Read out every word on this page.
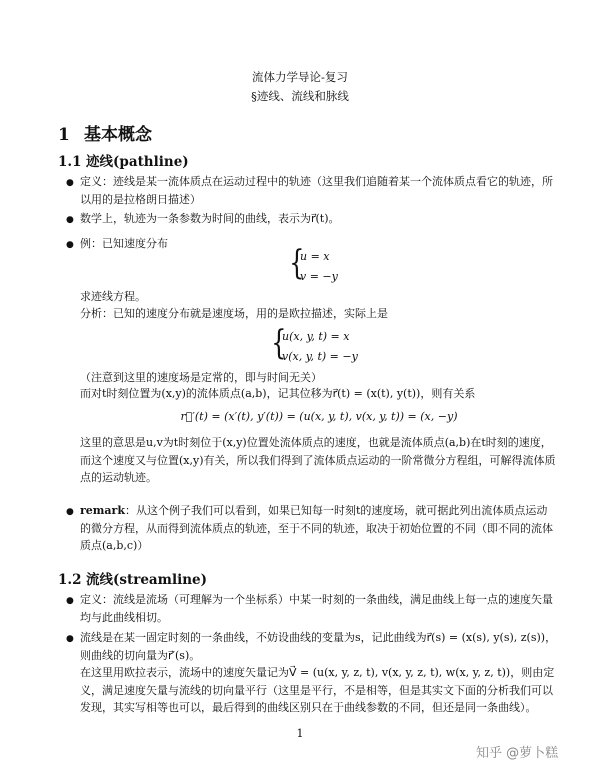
流体力学导论-复习
§迹线、流线和脉线
1 基本概念
1.1 迹线(pathline)
● 定义：迹线是某一流体质点在运动过程中的轨迹（这里我们追随着某一个流体质点看它的轨迹，所以用的是拉格朗日描述）
● 数学上，轨迹为一条参数为时间的曲线，表示为r⃗(t)。
● 例：已知速度分布	{
u = x
v = −y
求迹线方程。
分析：已知的速度分布就是速度场，用的是欧拉描述，实际上是
{
u(x, y, t) = x
v(x, y, t) = −y
（注意到这里的速度场是定常的，即与时间无关）
而对t时刻位置为(x,y)的流体质点(a,b)，记其位移为r⃗(t) = (x(t), y(t))，则有关系
r⃗′(t) = (x′(t), y′(t)) = (u(x, y, t), v(x, y, t)) = (x, −y)
这里的意思是u,v为t时刻位于(x,y)位置处流体质点的速度，也就是流体质点(a,b)在t时刻的速度，而这个速度又与位置(x,y)有关，所以我们得到了流体质点运动的一阶常微分方程组，可解得流体质点的运动轨迹。
● remark：从这个例子我们可以看到，如果已知每一时刻t的速度场，就可据此列出流体质点运动的微分方程，从而得到流体质点的轨迹，至于不同的轨迹，取决于初始位置的不同（即不同的流体质点(a,b,c)）
1.2 流线(streamline)
● 定义：流线是流场（可理解为一个坐标系）中某一时刻的一条曲线，满足曲线上每一点的速度矢量均与此曲线相切。
● 流线是在某一固定时刻的一条曲线，不妨设曲线的变量为s，记此曲线为r⃗(s) = (x(s), y(s), z(s))，则曲线的切向量为r⃗′(s)。
在这里用欧拉表示，流场中的速度矢量记为V⃗ = (u(x, y, z, t), v(x, y, z, t), w(x, y, z, t))，则由定义，满足速度矢量与流线的切向量平行（这里是平行，不是相等，但是其实文下面的分析我们可以发现，其实写相等也可以，最后得到的曲线区别只在于曲线参数的不同，但还是同一条曲线）。
1
知乎 @萝卜糕
